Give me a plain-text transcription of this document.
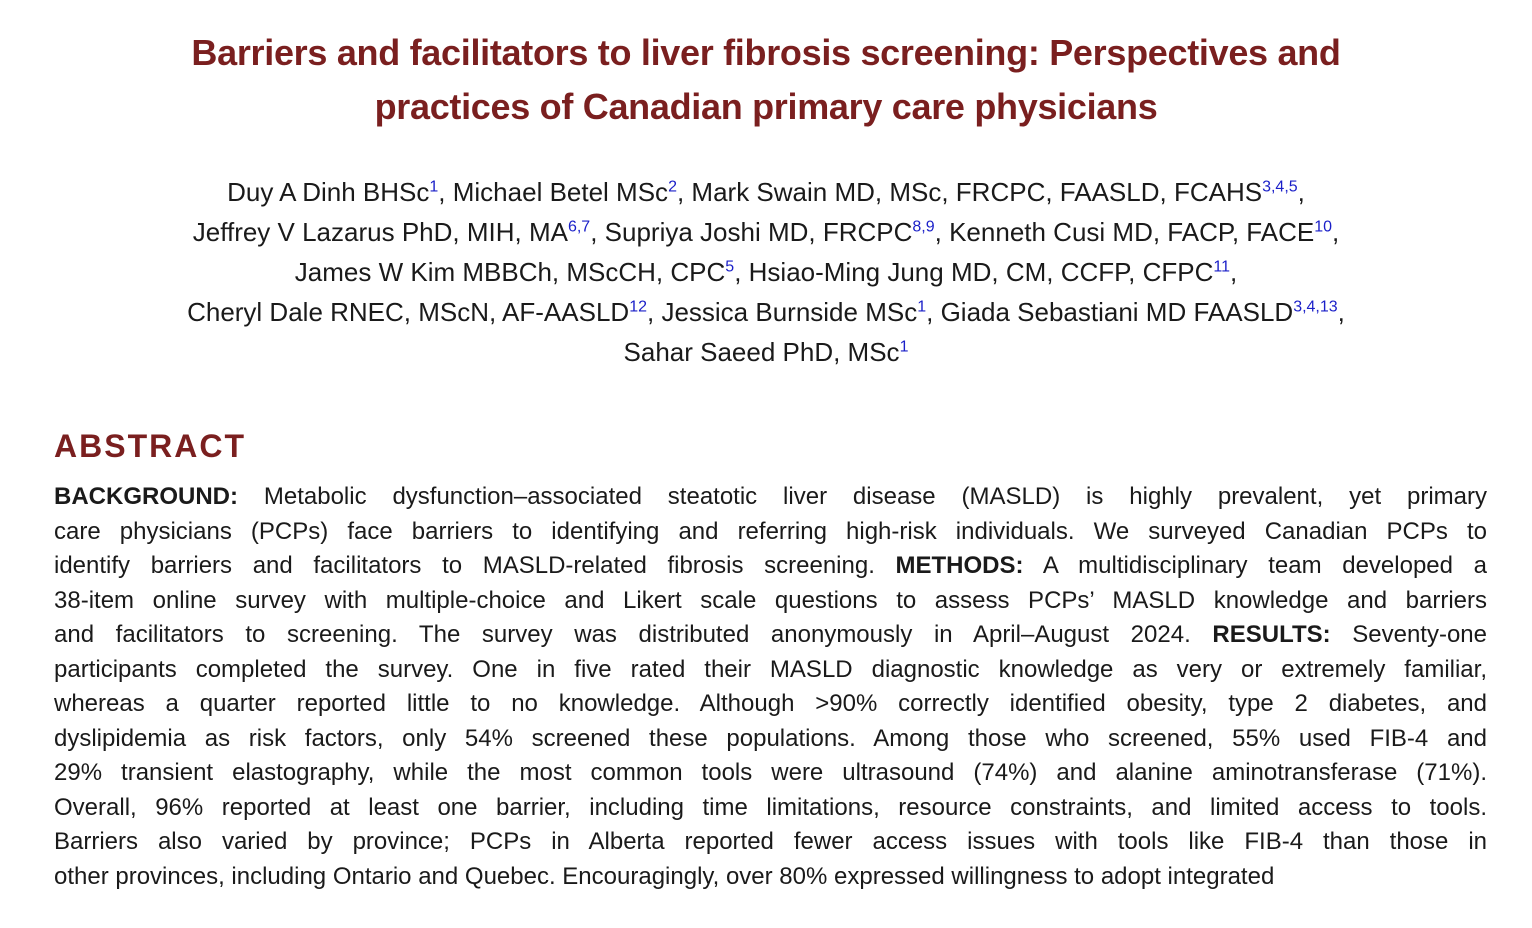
Barriers and facilitators to liver fibrosis screening: Perspectives and
practices of Canadian primary care physicians

Duy A Dinh BHSc$^1$, Michael Betel MSc$^2$, Mark Swain MD, MSc, FRCPC, FAASLD, FCAHS$^{3,4,5}$,
Jeffrey V Lazarus PhD, MIH, MA$^{6,7}$, Supriya Joshi MD, FRCPC$^{8,9}$, Kenneth Cusi MD, FACP, FACE$^{10}$,
James W Kim MBBCh, MScCH, CPC$^5$, Hsiao-Ming Jung MD, CM, CCFP, CFPC$^{11}$,
Cheryl Dale RNEC, MScN, AF-AASLD$^{12}$, Jessica Burnside MSc$^1$, Giada Sebastiani MD FAASLD$^{3,4,13}$,
Sahar Saeed PhD, MSc$^1$

ABSTRACT
BACKGROUND: Metabolic dysfunction–associated steatotic liver disease (MASLD) is highly prevalent, yet primary
care physicians (PCPs) face barriers to identifying and referring high-risk individuals. We surveyed Canadian PCPs to
identify barriers and facilitators to MASLD-related fibrosis screening. METHODS: A multidisciplinary team developed a
38-item online survey with multiple-choice and Likert scale questions to assess PCPs’ MASLD knowledge and barriers
and facilitators to screening. The survey was distributed anonymously in April–August 2024. RESULTS: Seventy-one
participants completed the survey. One in five rated their MASLD diagnostic knowledge as very or extremely familiar,
whereas a quarter reported little to no knowledge. Although >90% correctly identified obesity, type 2 diabetes, and
dyslipidemia as risk factors, only 54% screened these populations. Among those who screened, 55% used FIB-4 and
29% transient elastography, while the most common tools were ultrasound (74%) and alanine aminotransferase (71%).
Overall, 96% reported at least one barrier, including time limitations, resource constraints, and limited access to tools.
Barriers also varied by province; PCPs in Alberta reported fewer access issues with tools like FIB-4 than those in
other provinces, including Ontario and Quebec. Encouragingly, over 80% expressed willingness to adopt integrated
